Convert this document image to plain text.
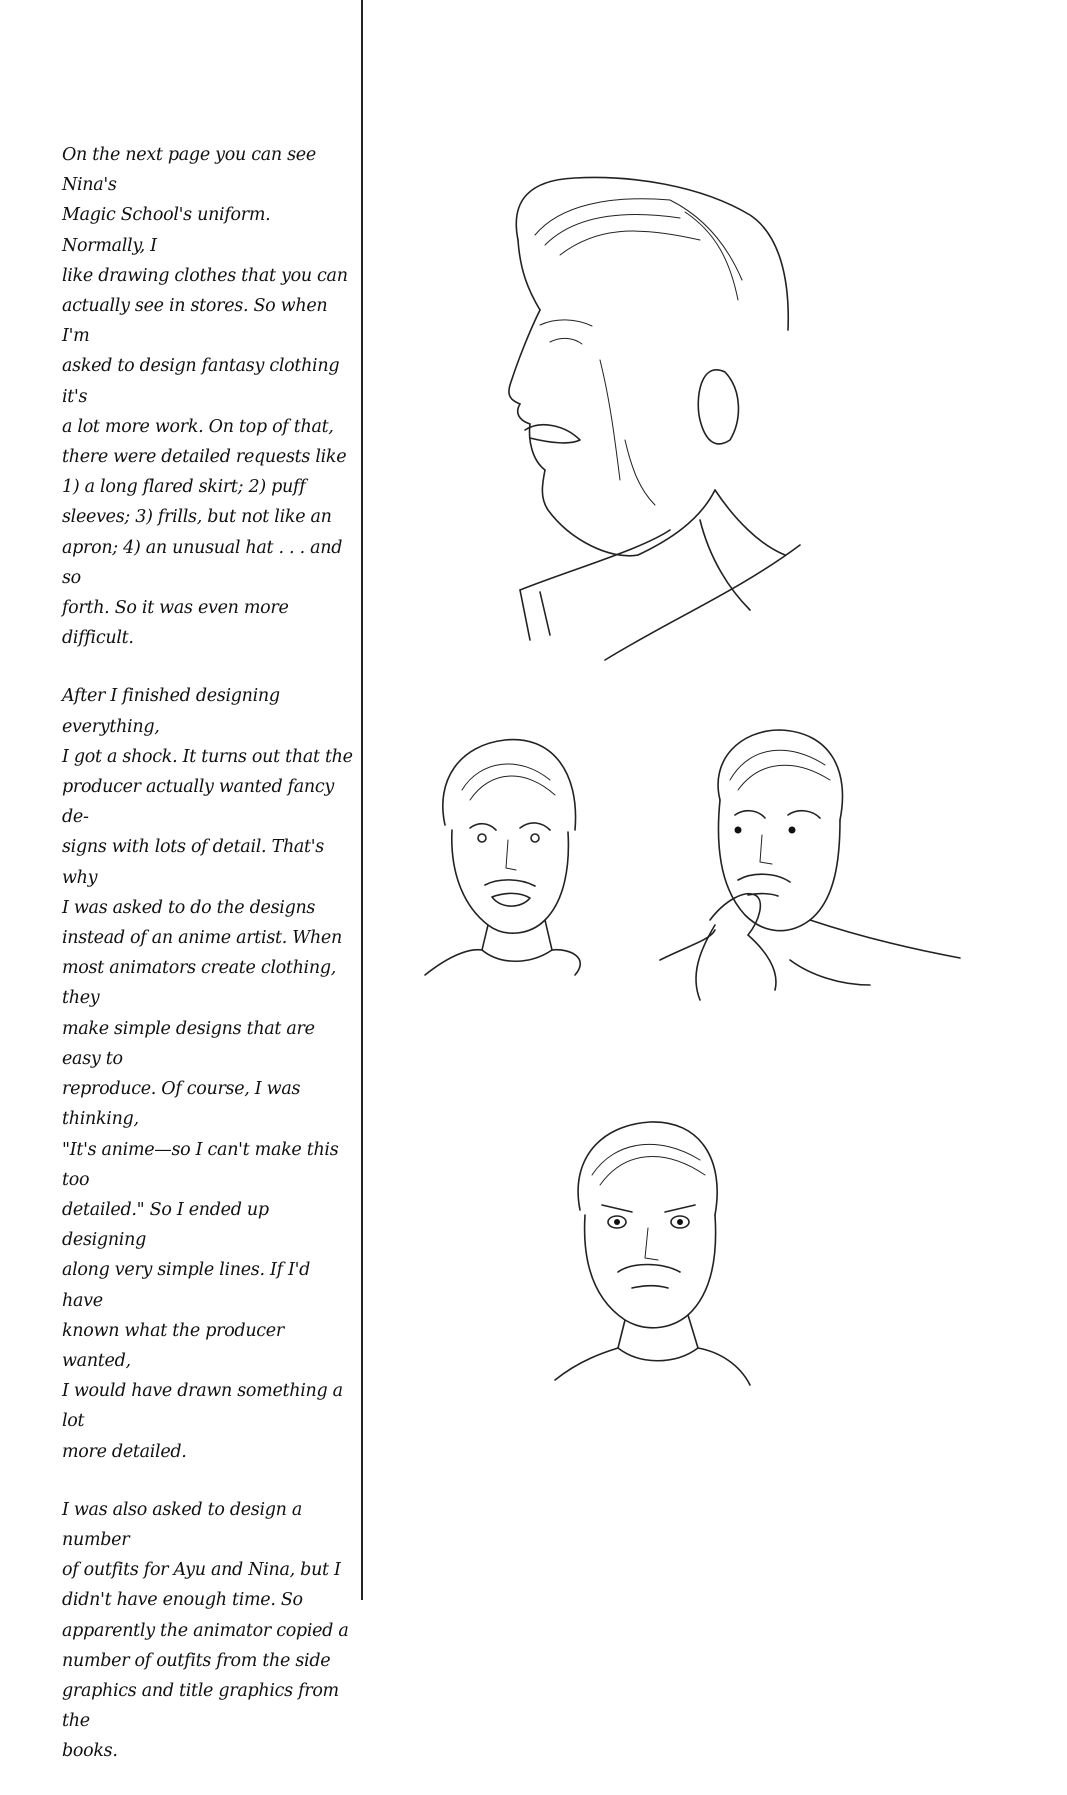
On the next page you can see Nina's
Magic School's uniform. Normally, I
like drawing clothes that you can
actually see in stores. So when I'm
asked to design fantasy clothing it's
a lot more work. On top of that,
there were detailed requests like
1) a long flared skirt; 2) puff
sleeves; 3) frills, but not like an
apron; 4) an unusual hat . . . and so
forth. So it was even more difficult.

After I finished designing everything,
I got a shock. It turns out that the
producer actually wanted fancy de-
signs with lots of detail. That's why
I was asked to do the designs
instead of an anime artist. When
most animators create clothing, they
make simple designs that are easy to
reproduce. Of course, I was thinking,
"It's anime—so I can't make this too
detailed." So I ended up designing
along very simple lines. If I'd have
known what the producer wanted,
I would have drawn something a lot
more detailed.

I was also asked to design a number
of outfits for Ayu and Nina, but I
didn't have enough time. So
apparently the animator copied a
number of outfits from the side
graphics and title graphics from the
books.
